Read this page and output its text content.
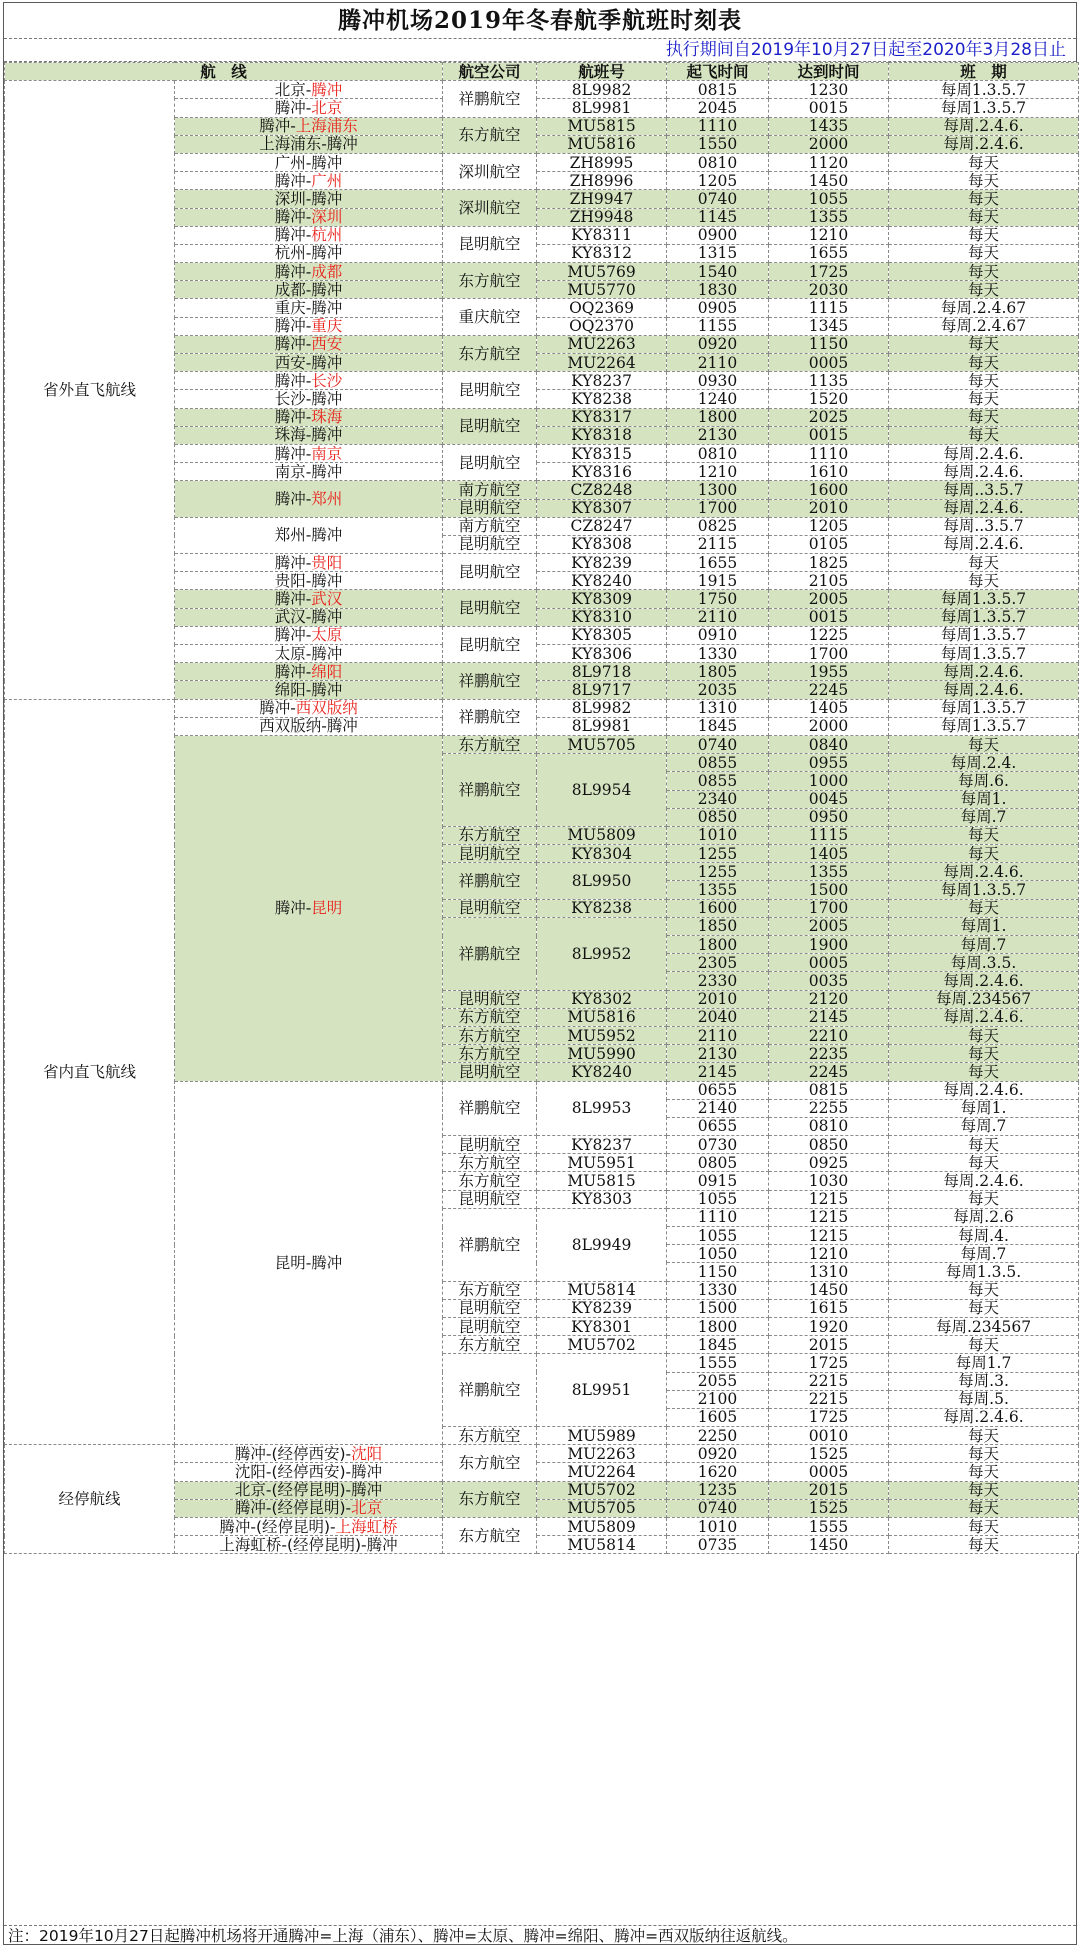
腾冲机场2019年冬春航季航班时刻表
执行期间自2019年10月27日起至2020年3月28日止
航　线		航空公司	航班号	起飞时间	达到时间	班　期
省外直飞航线	北京-腾冲	祥鹏航空	8L9982	0815	1230	每周1.3.5.7
	腾冲-北京		8L9981	2045	0015	每周1.3.5.7
	腾冲-上海浦东	东方航空	MU5815	1110	1435	每周.2.4.6.
	上海浦东-腾冲		MU5816	1550	2000	每周.2.4.6.
	广州-腾冲	深圳航空	ZH8995	0810	1120	每天
	腾冲-广州		ZH8996	1205	1450	每天
	深圳-腾冲	深圳航空	ZH9947	0740	1055	每天
	腾冲-深圳		ZH9948	1145	1355	每天
	腾冲-杭州	昆明航空	KY8311	0900	1210	每天
	杭州-腾冲		KY8312	1315	1655	每天
	腾冲-成都	东方航空	MU5769	1540	1725	每天
	成都-腾冲		MU5770	1830	2030	每天
	重庆-腾冲	重庆航空	OQ2369	0905	1115	每周.2.4.67
	腾冲-重庆		OQ2370	1155	1345	每周.2.4.67
	腾冲-西安	东方航空	MU2263	0920	1150	每天
	西安-腾冲		MU2264	2110	0005	每天
	腾冲-长沙	昆明航空	KY8237	0930	1135	每天
	长沙-腾冲		KY8238	1240	1520	每天
	腾冲-珠海	昆明航空	KY8317	1800	2025	每天
	珠海-腾冲		KY8318	2130	0015	每天
	腾冲-南京	昆明航空	KY8315	0810	1110	每周.2.4.6.
	南京-腾冲		KY8316	1210	1610	每周.2.4.6.
	腾冲-郑州	南方航空	CZ8248	1300	1600	每周..3.5.7
		昆明航空	KY8307	1700	2010	每周.2.4.6.
	郑州-腾冲	南方航空	CZ8247	0825	1205	每周..3.5.7
		昆明航空	KY8308	2115	0105	每周.2.4.6.
	腾冲-贵阳	昆明航空	KY8239	1655	1825	每天
	贵阳-腾冲		KY8240	1915	2105	每天
	腾冲-武汉	昆明航空	KY8309	1750	2005	每周1.3.5.7
	武汉-腾冲		KY8310	2110	0015	每周1.3.5.7
	腾冲-太原	昆明航空	KY8305	0910	1225	每周1.3.5.7
	太原-腾冲		KY8306	1330	1700	每周1.3.5.7
	腾冲-绵阳	祥鹏航空	8L9718	1805	1955	每周.2.4.6.
	绵阳-腾冲		8L9717	2035	2245	每周.2.4.6.
省内直飞航线	腾冲-西双版纳	祥鹏航空	8L9982	1310	1405	每周1.3.5.7
	西双版纳-腾冲		8L9981	1845	2000	每周1.3.5.7
	腾冲-昆明	东方航空	MU5705	0740	0840	每天
		祥鹏航空	8L9954	0855	0955	每周.2.4.
				0855	1000	每周.6.
				2340	0045	每周1.
				0850	0950	每周.7
		东方航空	MU5809	1010	1115	每天
		昆明航空	KY8304	1255	1405	每天
		祥鹏航空	8L9950	1255	1355	每周.2.4.6.
				1355	1500	每周1.3.5.7
		昆明航空	KY8238	1600	1700	每天
		祥鹏航空	8L9952	1850	2005	每周1.
				1800	1900	每周.7
				2305	0005	每周.3.5.
				2330	0035	每周.2.4.6.
		昆明航空	KY8302	2010	2120	每周.234567
		东方航空	MU5816	2040	2145	每周.2.4.6.
		东方航空	MU5952	2110	2210	每天
		东方航空	MU5990	2130	2235	每天
		昆明航空	KY8240	2145	2245	每天
	昆明-腾冲	祥鹏航空	8L9953	0655	0815	每周.2.4.6.
				2140	2255	每周1.
				0655	0810	每周.7
		昆明航空	KY8237	0730	0850	每天
		东方航空	MU5951	0805	0925	每天
		东方航空	MU5815	0915	1030	每周.2.4.6.
		昆明航空	KY8303	1055	1215	每天
		祥鹏航空	8L9949	1110	1215	每周.2.6
				1055	1215	每周.4.
				1050	1210	每周.7
				1150	1310	每周1.3.5.
		东方航空	MU5814	1330	1450	每天
		昆明航空	KY8239	1500	1615	每天
		昆明航空	KY8301	1800	1920	每周.234567
		东方航空	MU5702	1845	2015	每天
		祥鹏航空	8L9951	1555	1725	每周1.7
				2055	2215	每周.3.
				2100	2215	每周.5.
				1605	1725	每周.2.4.6.
		东方航空	MU5989	2250	0010	每天
经停航线	腾冲-(经停西安)-沈阳	东方航空	MU2263	0920	1525	每天
	沈阳-(经停西安)-腾冲		MU2264	1620	0005	每天
	北京-(经停昆明)-腾冲	东方航空	MU5702	1235	2015	每天
	腾冲-(经停昆明)-北京		MU5705	0740	1525	每天
	腾冲-(经停昆明)-上海虹桥	东方航空	MU5809	1010	1555	每天
	上海虹桥-(经停昆明)-腾冲		MU5814	0735	1450	每天
注：2019年10月27日起腾冲机场将开通腾冲=上海（浦东）、腾冲=太原、腾冲=绵阳、腾冲=西双版纳往返航线。
